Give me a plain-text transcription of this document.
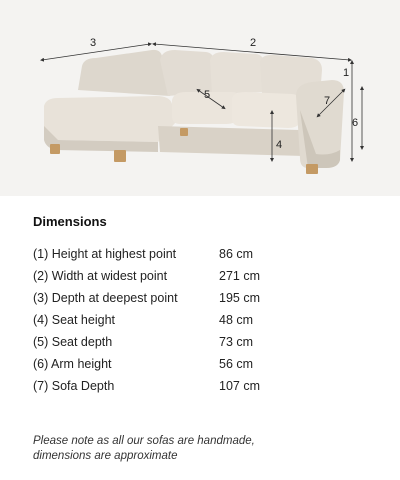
3	2
1
6
7
5
4
Dimensions
(1) Height at highest point	86 cm
(2) Width at widest point	271 cm
(3) Depth at deepest point	195 cm
(4) Seat height	48 cm
(5) Seat depth	73 cm
(6) Arm height	56 cm
(7) Sofa Depth	107 cm
Please note as all our sofas are handmade,
dimensions are approximate
